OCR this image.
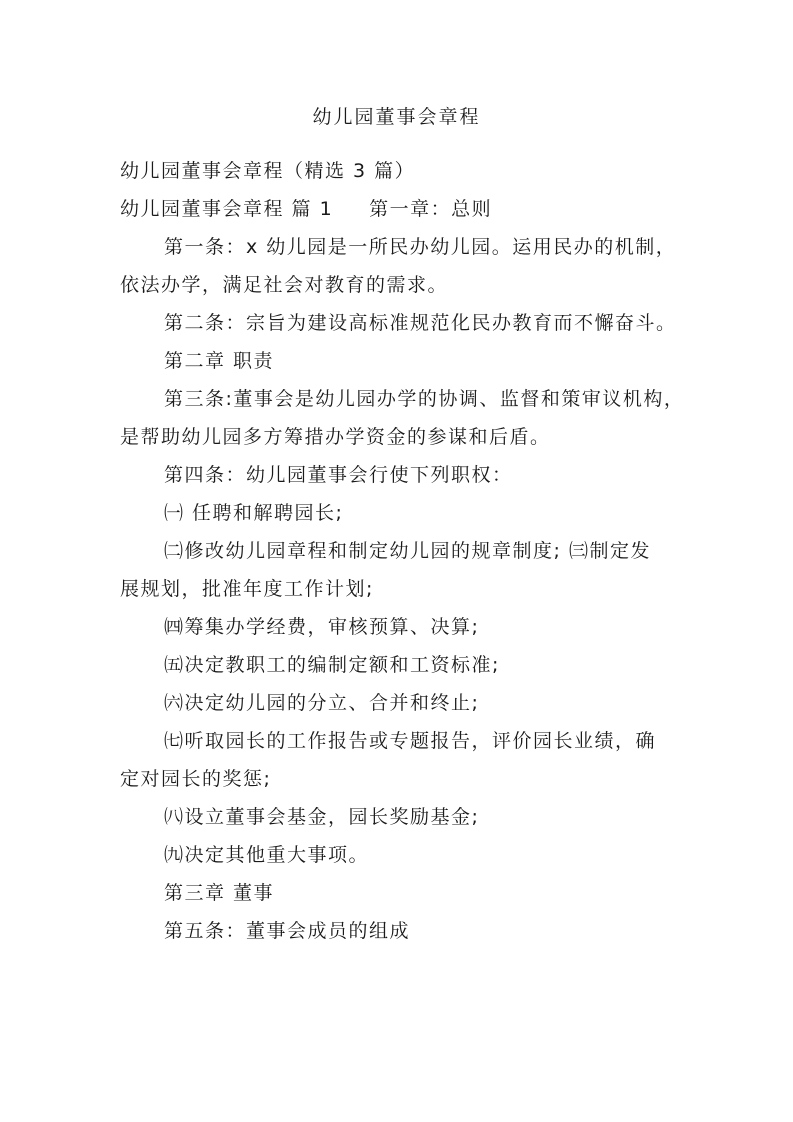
幼儿园董事会章程

幼儿园董事会章程（精选 3 篇）

幼儿园董事会章程 篇 1 第一章：总则

第一条：x 幼儿园是一所民办幼儿园。运用民办的机制，

依法办学，满足社会对教育的需求。

第二条：宗旨为建设高标准规范化民办教育而不懈奋斗。

第二章 职责

第三条:董事会是幼儿园办学的协调、监督和策审议机构，

是帮助幼儿园多方筹措办学资金的参谋和后盾。

第四条：幼儿园董事会行使下列职权：

㈠ 任聘和解聘园长;

㈡修改幼儿园章程和制定幼儿园的规章制度; ㈢制定发

展规划，批准年度工作计划;

㈣筹集办学经费，审核预算、决算;

㈤决定教职工的编制定额和工资标准;

㈥决定幼儿园的分立、合并和终止;

㈦听取园长的工作报告或专题报告，评价园长业绩，确

定对园长的奖惩;

㈧设立董事会基金，园长奖励基金;

㈨决定其他重大事项。

第三章 董事

第五条：董事会成员的组成
